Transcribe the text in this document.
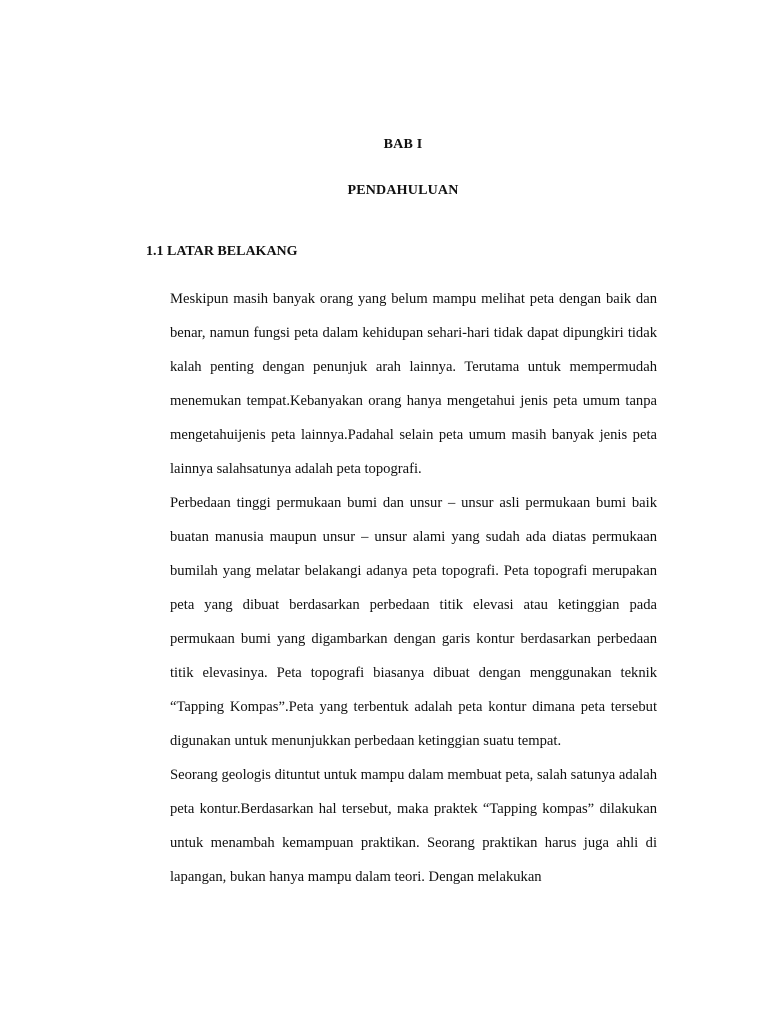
BAB I
PENDAHULUAN
1.1 LATAR BELAKANG

Meskipun masih banyak orang yang belum mampu melihat peta dengan baik dan benar, namun fungsi peta dalam kehidupan sehari-hari tidak dapat dipungkiri tidak kalah penting dengan penunjuk arah lainnya. Terutama untuk mempermudah menemukan tempat.Kebanyakan orang hanya mengetahui jenis peta umum tanpa mengetahuijenis peta lainnya.Padahal selain peta umum masih banyak jenis peta lainnya salahsatunya adalah peta topografi.

Perbedaan tinggi permukaan bumi dan unsur – unsur asli permukaan bumi baik buatan manusia maupun unsur – unsur alami yang sudah ada diatas permukaan bumilah yang melatar belakangi adanya peta topografi. Peta topografi merupakan peta yang dibuat berdasarkan perbedaan titik elevasi atau ketinggian pada permukaan bumi yang digambarkan dengan garis kontur berdasarkan perbedaan titik elevasinya. Peta topografi biasanya dibuat dengan menggunakan teknik “Tapping Kompas”.Peta yang terbentuk adalah peta kontur dimana peta tersebut digunakan untuk menunjukkan perbedaan ketinggian suatu tempat.

Seorang geologis dituntut untuk mampu dalam membuat peta, salah satunya adalah peta kontur.Berdasarkan hal tersebut, maka praktek “Tapping kompas” dilakukan untuk menambah kemampuan praktikan. Seorang praktikan harus juga ahli di lapangan, bukan hanya mampu dalam teori. Dengan melakukan
